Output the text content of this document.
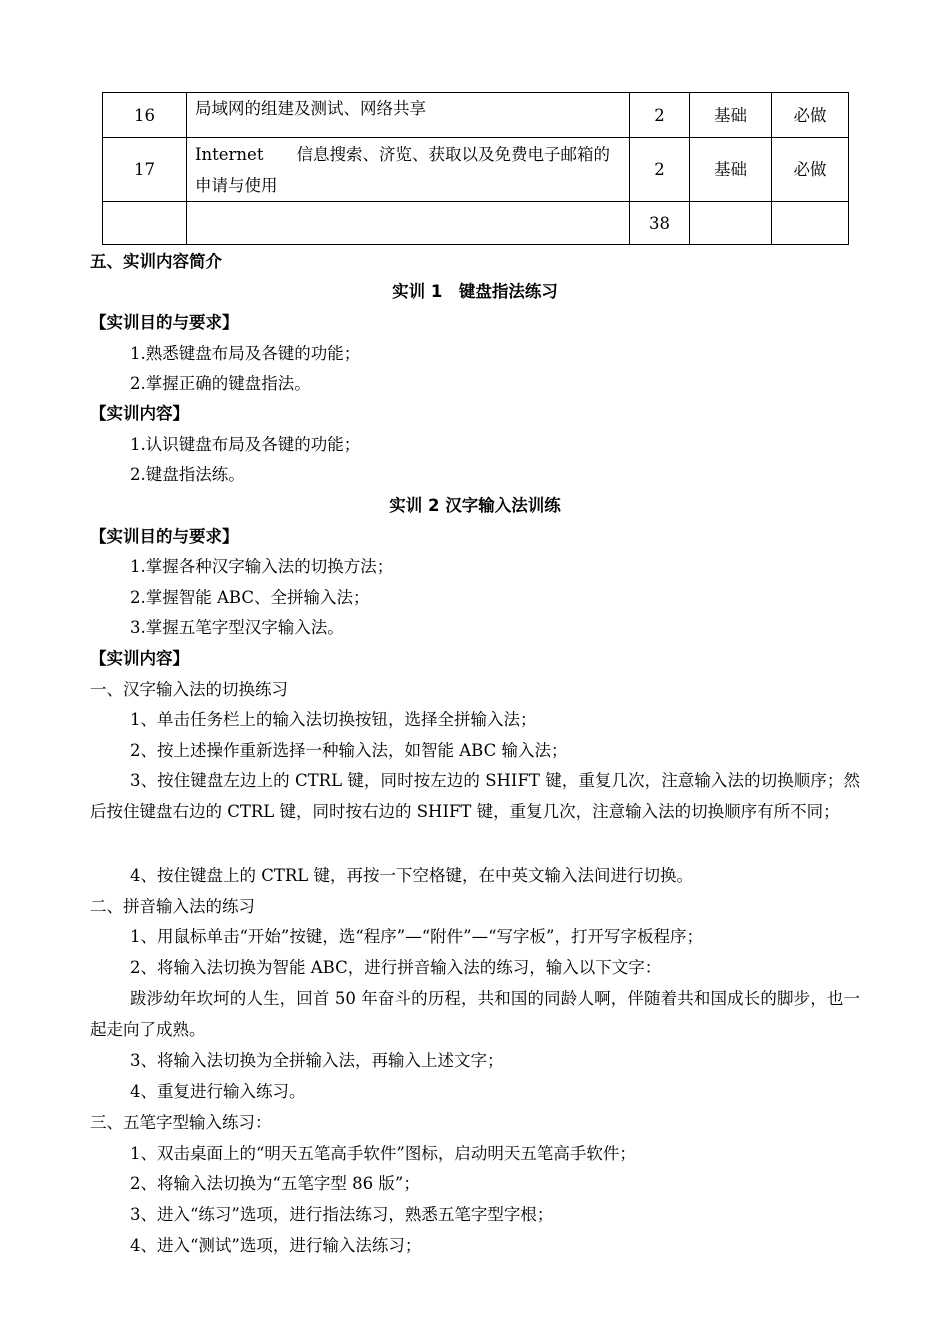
16	局域网的组建及测试、网络共享	2	基础	必做
17	Internet　　信息搜索、济览、获取以及免费电子邮箱的申请与使用	2	基础	必做
		38		
五、实训内容简介
实训 1　键盘指法练习
【实训目的与要求】
1.熟悉键盘布局及各键的功能；
2.掌握正确的键盘指法。
【实训内容】
1.认识键盘布局及各键的功能；
2.键盘指法练。
实训 2 汉字输入法训练
【实训目的与要求】
1.掌握各种汉字输入法的切换方法；
2.掌握智能 ABC、全拼输入法；
3.掌握五笔字型汉字输入法。
【实训内容】
一、汉字输入法的切换练习
1、单击任务栏上的输入法切换按钮，选择全拼输入法；
2、按上述操作重新选择一种输入法，如智能 ABC 输入法；
3、按住键盘左边上的 CTRL 键，同时按左边的 SHIFT 键，重复几次，注意输入法的切换顺序；然后按住键盘右边的 CTRL 键，同时按右边的 SHIFT 键，重复几次，注意输入法的切换顺序有所不同；
4、按住键盘上的 CTRL 键，再按一下空格键，在中英文输入法间进行切换。
二、拼音输入法的练习
1、用鼠标单击“开始”按键，选“程序”—“附件”—“写字板”，打开写字板程序；
2、将输入法切换为智能 ABC，进行拼音输入法的练习，输入以下文字：
跋涉幼年坎坷的人生，回首 50 年奋斗的历程，共和国的同龄人啊，伴随着共和国成长的脚步，也一起走向了成熟。
3、将输入法切换为全拼输入法，再输入上述文字；
4、重复进行输入练习。
三、五笔字型输入练习：
1、双击桌面上的“明天五笔高手软件”图标，启动明天五笔高手软件；
2、将输入法切换为“五笔字型 86 版”；
3、进入“练习”选项，进行指法练习，熟悉五笔字型字根；
4、进入“测试”选项，进行输入法练习；
